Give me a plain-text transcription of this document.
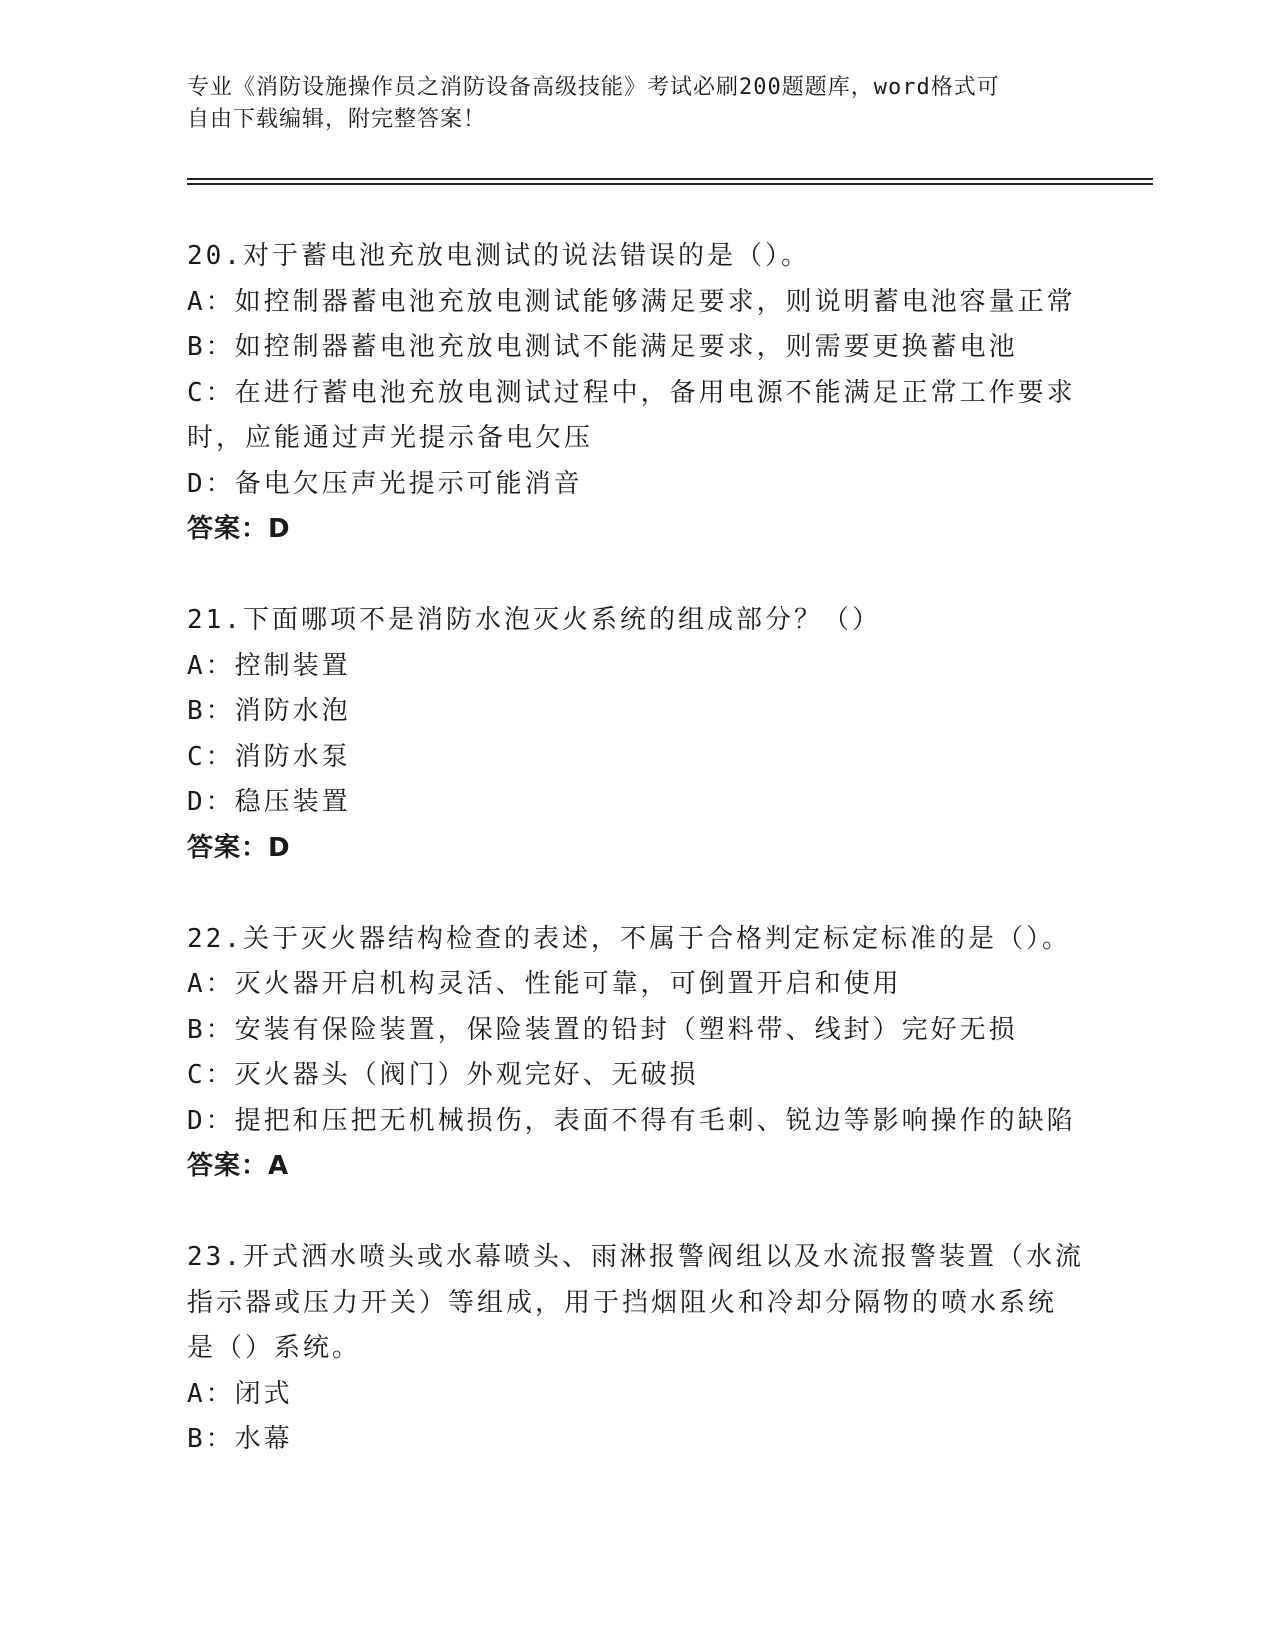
专业《消防设施操作员之消防设备高级技能》考试必刷200题题库，word格式可
自由下载编辑，附完整答案！

20.对于蓄电池充放电测试的说法错误的是（）。

A：如控制器蓄电池充放电测试能够满足要求，则说明蓄电池容量正常

B：如控制器蓄电池充放电测试不能满足要求，则需要更换蓄电池

C：在进行蓄电池充放电测试过程中，备用电源不能满足正常工作要求

时，应能通过声光提示备电欠压

D：备电欠压声光提示可能消音

答案：D

21.下面哪项不是消防水泡灭火系统的组成部分？（）

A：控制装置

B：消防水泡

C：消防水泵

D：稳压装置

答案：D

22.关于灭火器结构检查的表述，不属于合格判定标定标准的是（）。

A：灭火器开启机构灵活、性能可靠，可倒置开启和使用

B：安装有保险装置，保险装置的铅封（塑料带、线封）完好无损

C：灭火器头（阀门）外观完好、无破损

D：提把和压把无机械损伤，表面不得有毛刺、锐边等影响操作的缺陷

答案：A

23.开式洒水喷头或水幕喷头、雨淋报警阀组以及水流报警装置（水流

指示器或压力开关）等组成，用于挡烟阻火和冷却分隔物的喷水系统

是（）系统。

A：闭式

B：水幕
